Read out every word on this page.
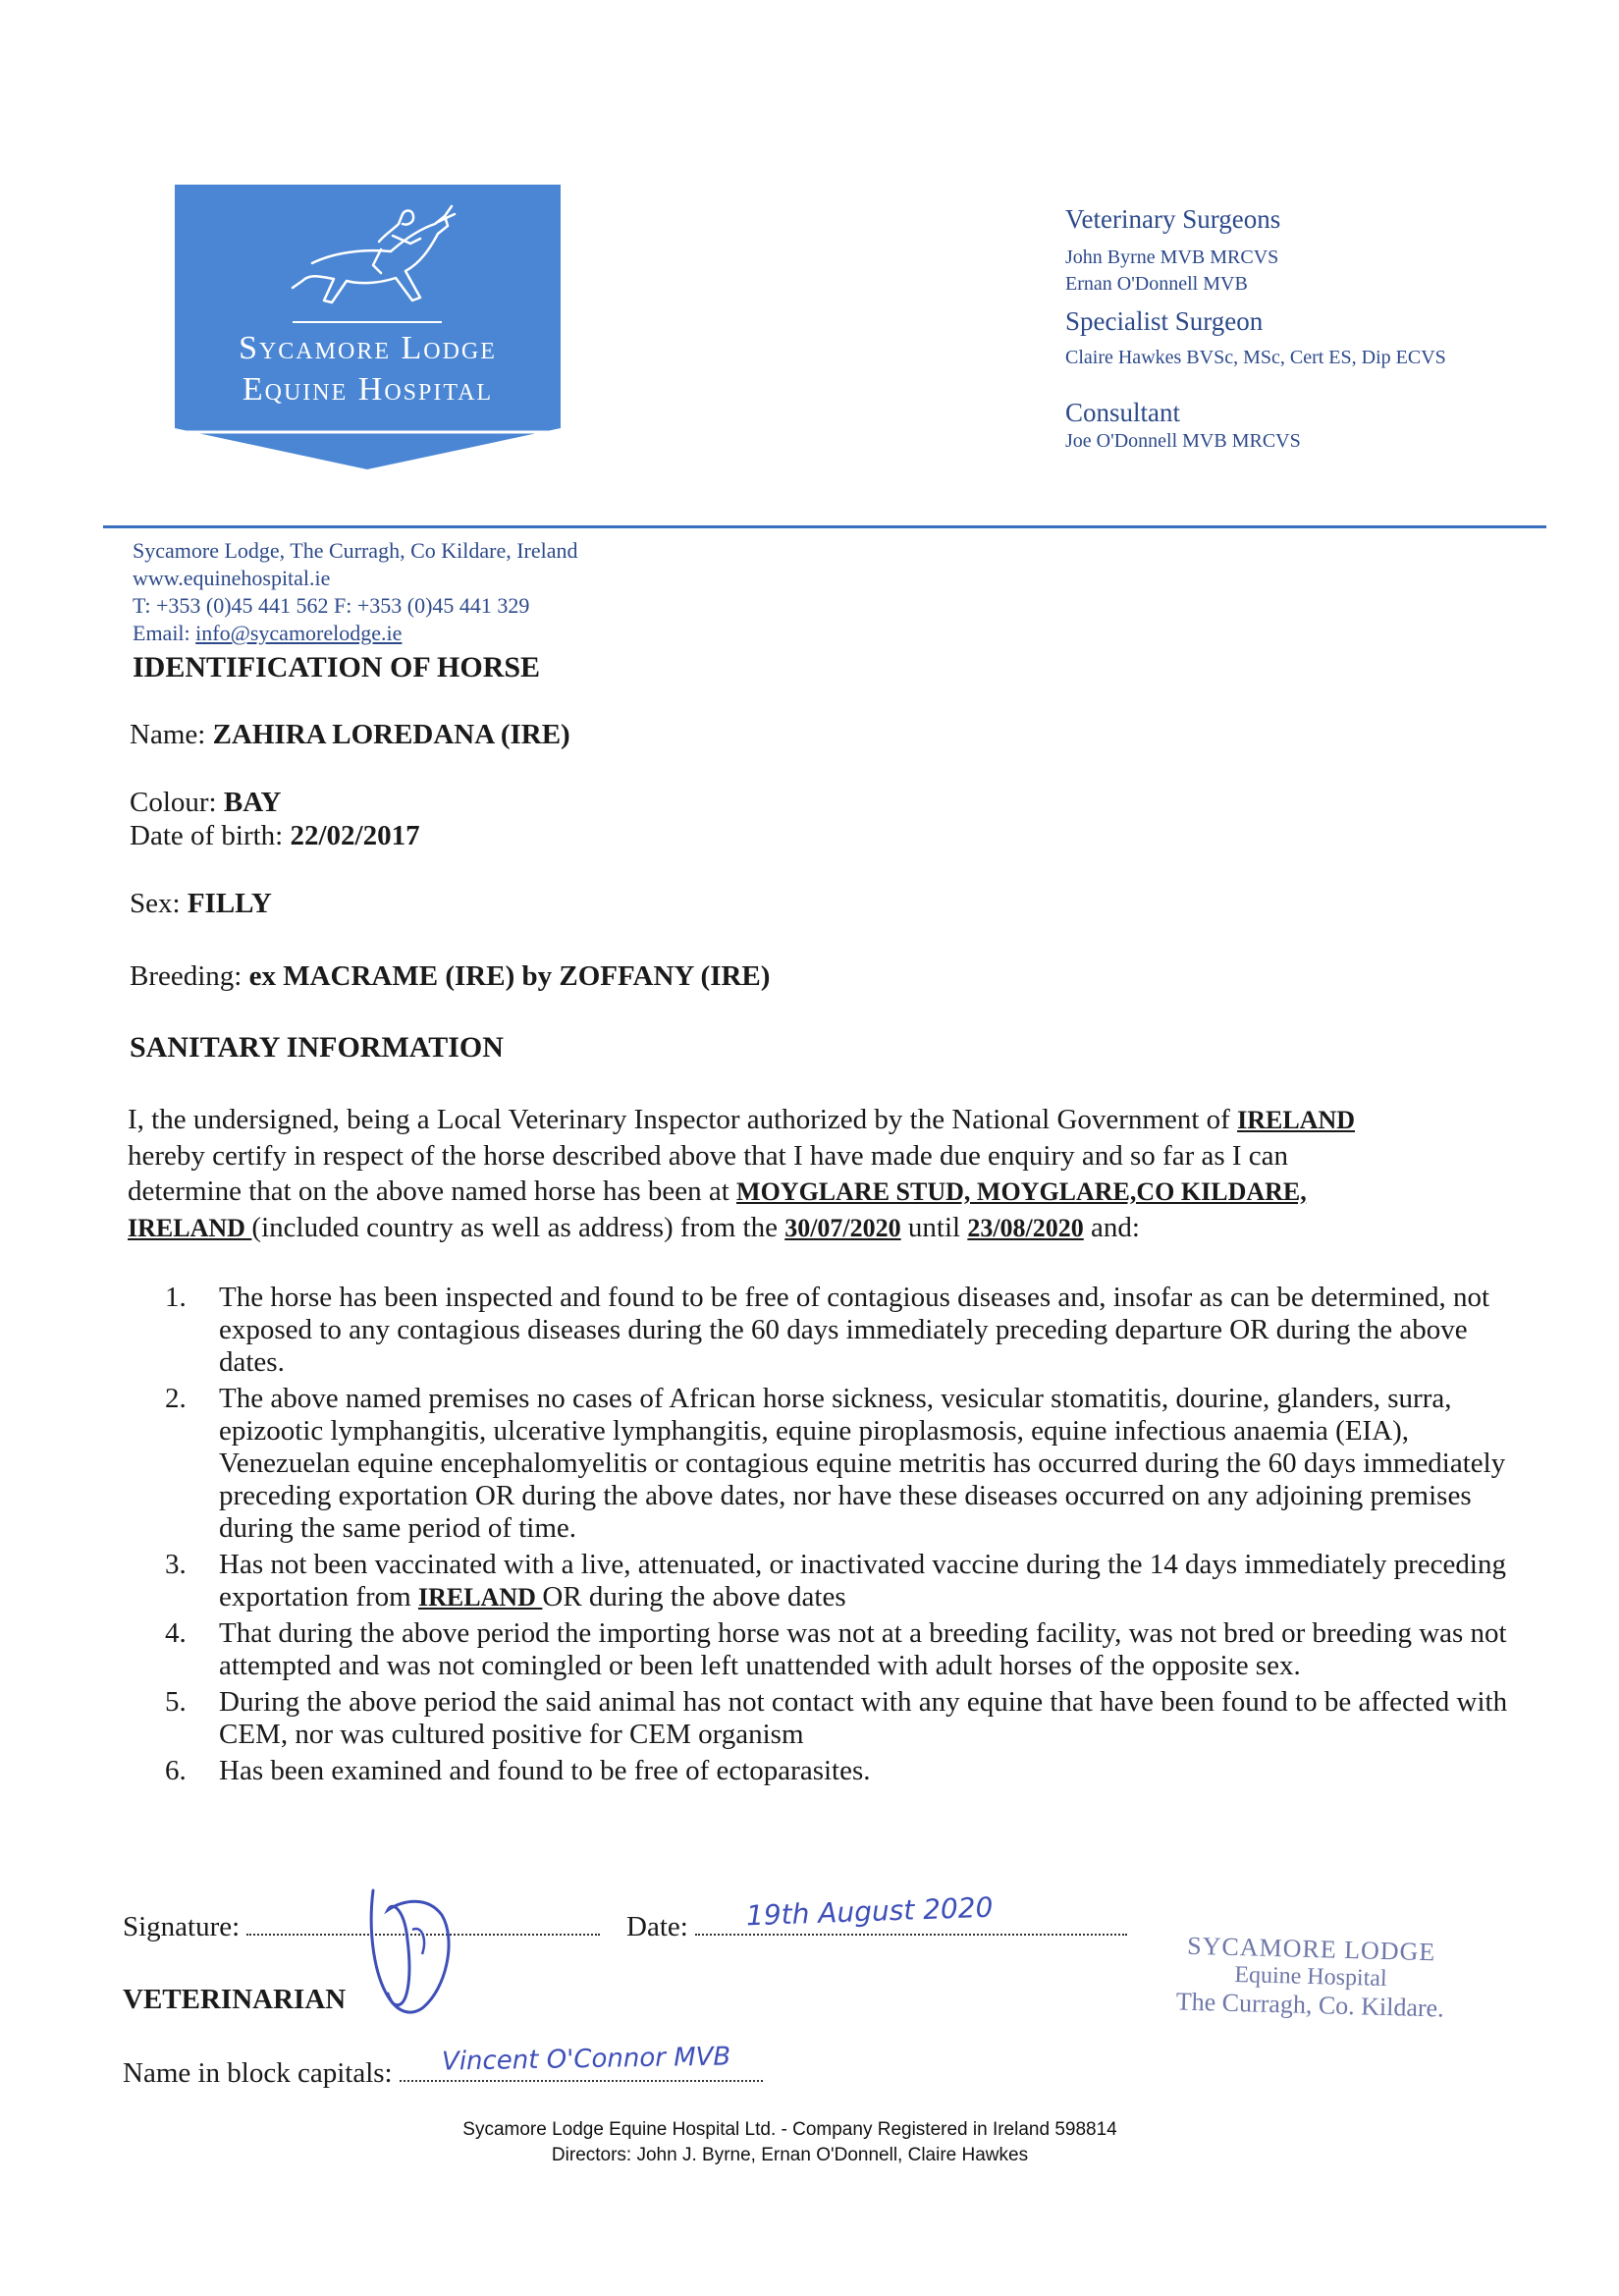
Sycamore Lodge
Equine Hospital
Veterinary Surgeons
John Byrne MVB MRCVS
Ernan O'Donnell MVB
Specialist Surgeon
Claire Hawkes BVSc, MSc, Cert ES, Dip ECVS
Consultant
Joe O'Donnell MVB MRCVS
Sycamore Lodge, The Curragh, Co Kildare, Ireland
www.equinehospital.ie
T: +353 (0)45 441 562 F: +353 (0)45 441 329
Email: info@sycamorelodge.ie
IDENTIFICATION OF HORSE
Name: ZAHIRA LOREDANA (IRE)
Colour: BAY
Date of birth: 22/02/2017
Sex: FILLY
Breeding: ex MACRAME (IRE) by ZOFFANY (IRE)
SANITARY INFORMATION
I, the undersigned, being a Local Veterinary Inspector authorized by the National Government of IRELAND
hereby certify in respect of the horse described above that I have made due enquiry and so far as I can
determine that on the above named horse has been at MOYGLARE STUD, MOYGLARE,CO KILDARE,
IRELAND (included country as well as address) from the 30/07/2020 until 23/08/2020 and:
1. The horse has been inspected and found to be free of contagious diseases and, insofar as can be determined, not exposed to any contagious diseases during the 60 days immediately preceding departure OR during the above dates.
2. The above named premises no cases of African horse sickness, vesicular stomatitis, dourine, glanders, surra, epizootic lymphangitis, ulcerative lymphangitis, equine piroplasmosis, equine infectious anaemia (EIA), Venezuelan equine encephalomyelitis or contagious equine metritis has occurred during the 60 days immediately preceding exportation OR during the above dates, nor have these diseases occurred on any adjoining premises during the same period of time.
3. Has not been vaccinated with a live, attenuated, or inactivated vaccine during the 14 days immediately preceding exportation from IRELAND OR during the above dates
4. That during the above period the importing horse was not at a breeding facility, was not bred or breeding was not attempted and was not comingled or been left unattended with adult horses of the opposite sex.
5. During the above period the said animal has not contact with any equine that have been found to be affected with CEM, nor was cultured positive for CEM organism
6. Has been examined and found to be free of ectoparasites.
Signature:	Date:	19th August 2020
VETERINARIAN
Name in block capitals:	Vincent O'Connor MVB
SYCAMORE LODGE
Equine Hospital
The Curragh, Co. Kildare.
Sycamore Lodge Equine Hospital Ltd. - Company Registered in Ireland 598814
Directors: John J. Byrne, Ernan O'Donnell, Claire Hawkes
